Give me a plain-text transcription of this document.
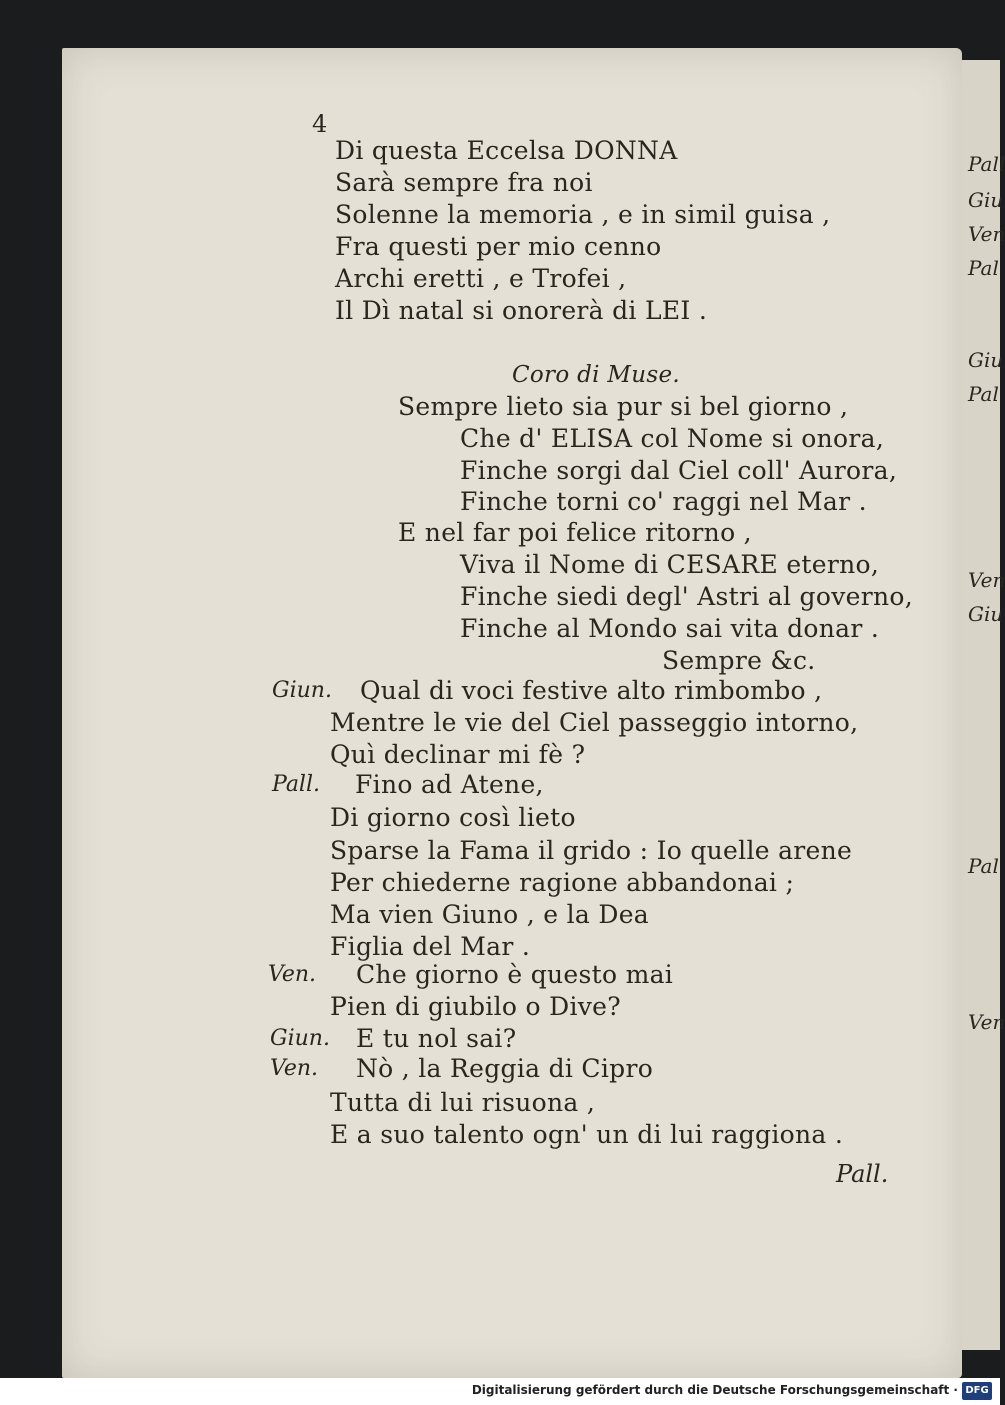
Pall
Giu
Ven
Pal
Giu
Pal
Ven
Giu
Pal
Ven
4
Di questa Eccelsa DONNA
Sarà sempre fra noi
Solenne la memoria , e in simil guisa ,
Fra questi per mio cenno
Archi eretti , e Trofei ,
Il Dì natal si onorerà di LEI .
Coro di Muse.
Sempre lieto sia pur si bel giorno ,
Che d' ELISA col Nome si onora,
Finche sorgi dal Ciel coll' Aurora,
Finche torni co' raggi nel Mar .
E nel far poi felice ritorno ,
Viva il Nome di CESARE eterno,
Finche siedi degl' Astri al governo,
Finche al Mondo sai vita donar .
Sempre &c.
Giun. Qual di voci festive alto rimbombo ,
Mentre le vie del Ciel passeggio intorno,
Quì declinar mi fè ?
Pall. Fino ad Atene,
Di giorno così lieto
Sparse la Fama il grido : Io quelle arene
Per chiederne ragione abbandonai ;
Ma vien Giuno , e la Dea
Figlia del Mar .
Ven. Che giorno è questo mai
Pien di giubilo o Dive?
Giun. E tu nol sai?
Ven. Nò , la Reggia di Cipro
Tutta di lui risuona ,
E a suo talento ogn' un di lui raggiona .
Pall.
Digitalisierung gefördert durch die Deutsche Forschungsgemeinschaft · DFG
